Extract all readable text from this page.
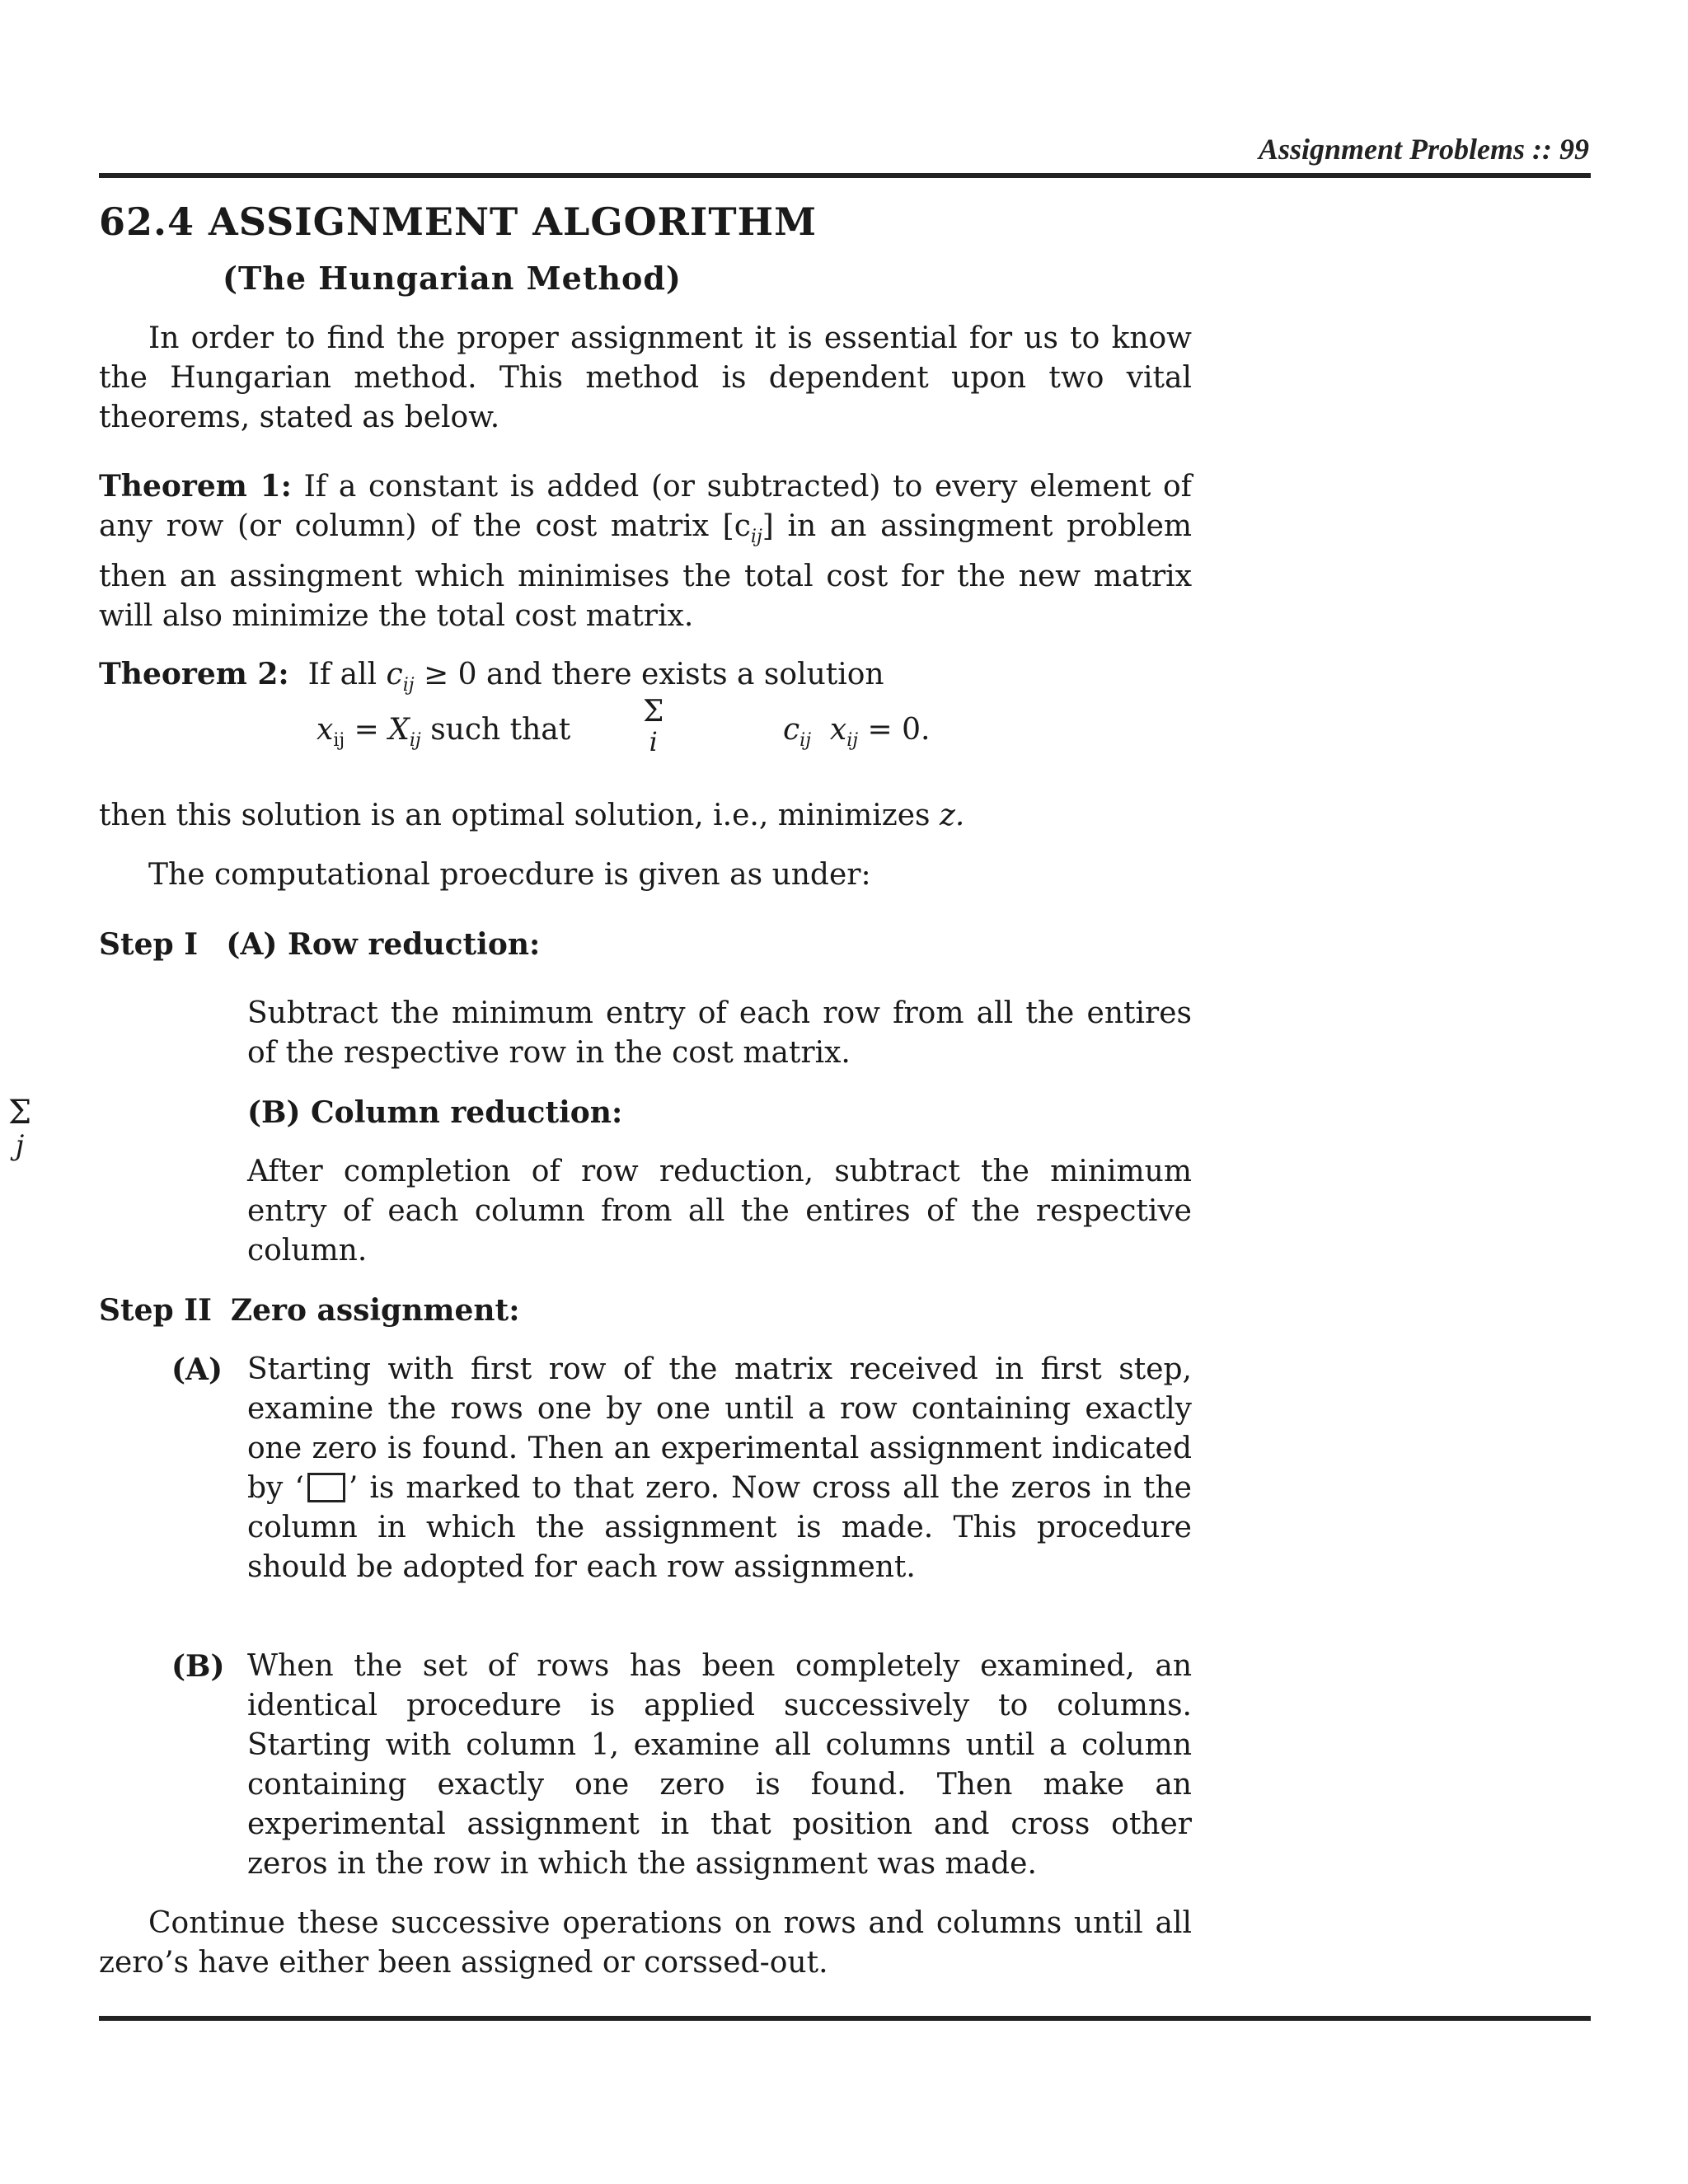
Assignment Problems :: 99
62.4 ASSIGNMENT ALGORITHM
(The Hungarian Method)
In order to find the proper assignment it is essential for us to know the Hungarian method. This method is dependent upon two vital theorems, stated as below.
Theorem 1: If a constant is added (or subtracted) to every element of any row (or column) of the cost matrix $[c_{ij}]$ in an assingment problem then an assingment which minimises the total cost for the new matrix will also minimize the total cost matrix.
Theorem 2: If all $c_{ij} \ge 0$ and there exists a solution
$x_{ij} = X_{ij}$ such that
Σ
i	$c_{ij}$ $x_{ij} = 0$.
then this solution is an optimal solution, i.e., minimizes z.
The computational proecdure is given as under:
Step I (A) Row reduction:
Subtract the minimum entry of each row from all the entires of the respective row in the cost matrix.
(B) Column reduction:
After completion of row reduction, subtract the minimum entry of each column from all the entires of the respective column.
Σ
j
Step II Zero assignment:
(A) Starting with first row of the matrix received in first step, examine the rows one by one until a row containing exactly one zero is found. Then an experimental assignment indicated by ‘ ’ is marked to that zero. Now cross all the zeros in the column in which the assignment is made. This procedure should be adopted for each row assignment.
(B) When the set of rows has been completely examined, an identical procedure is applied successively to columns. Starting with column 1, examine all columns until a column containing exactly one zero is found. Then make an experimental assignment in that position and cross other zeros in the row in which the assignment was made.
Continue these successive operations on rows and columns until all zero’s have either been assigned or corssed-out.
